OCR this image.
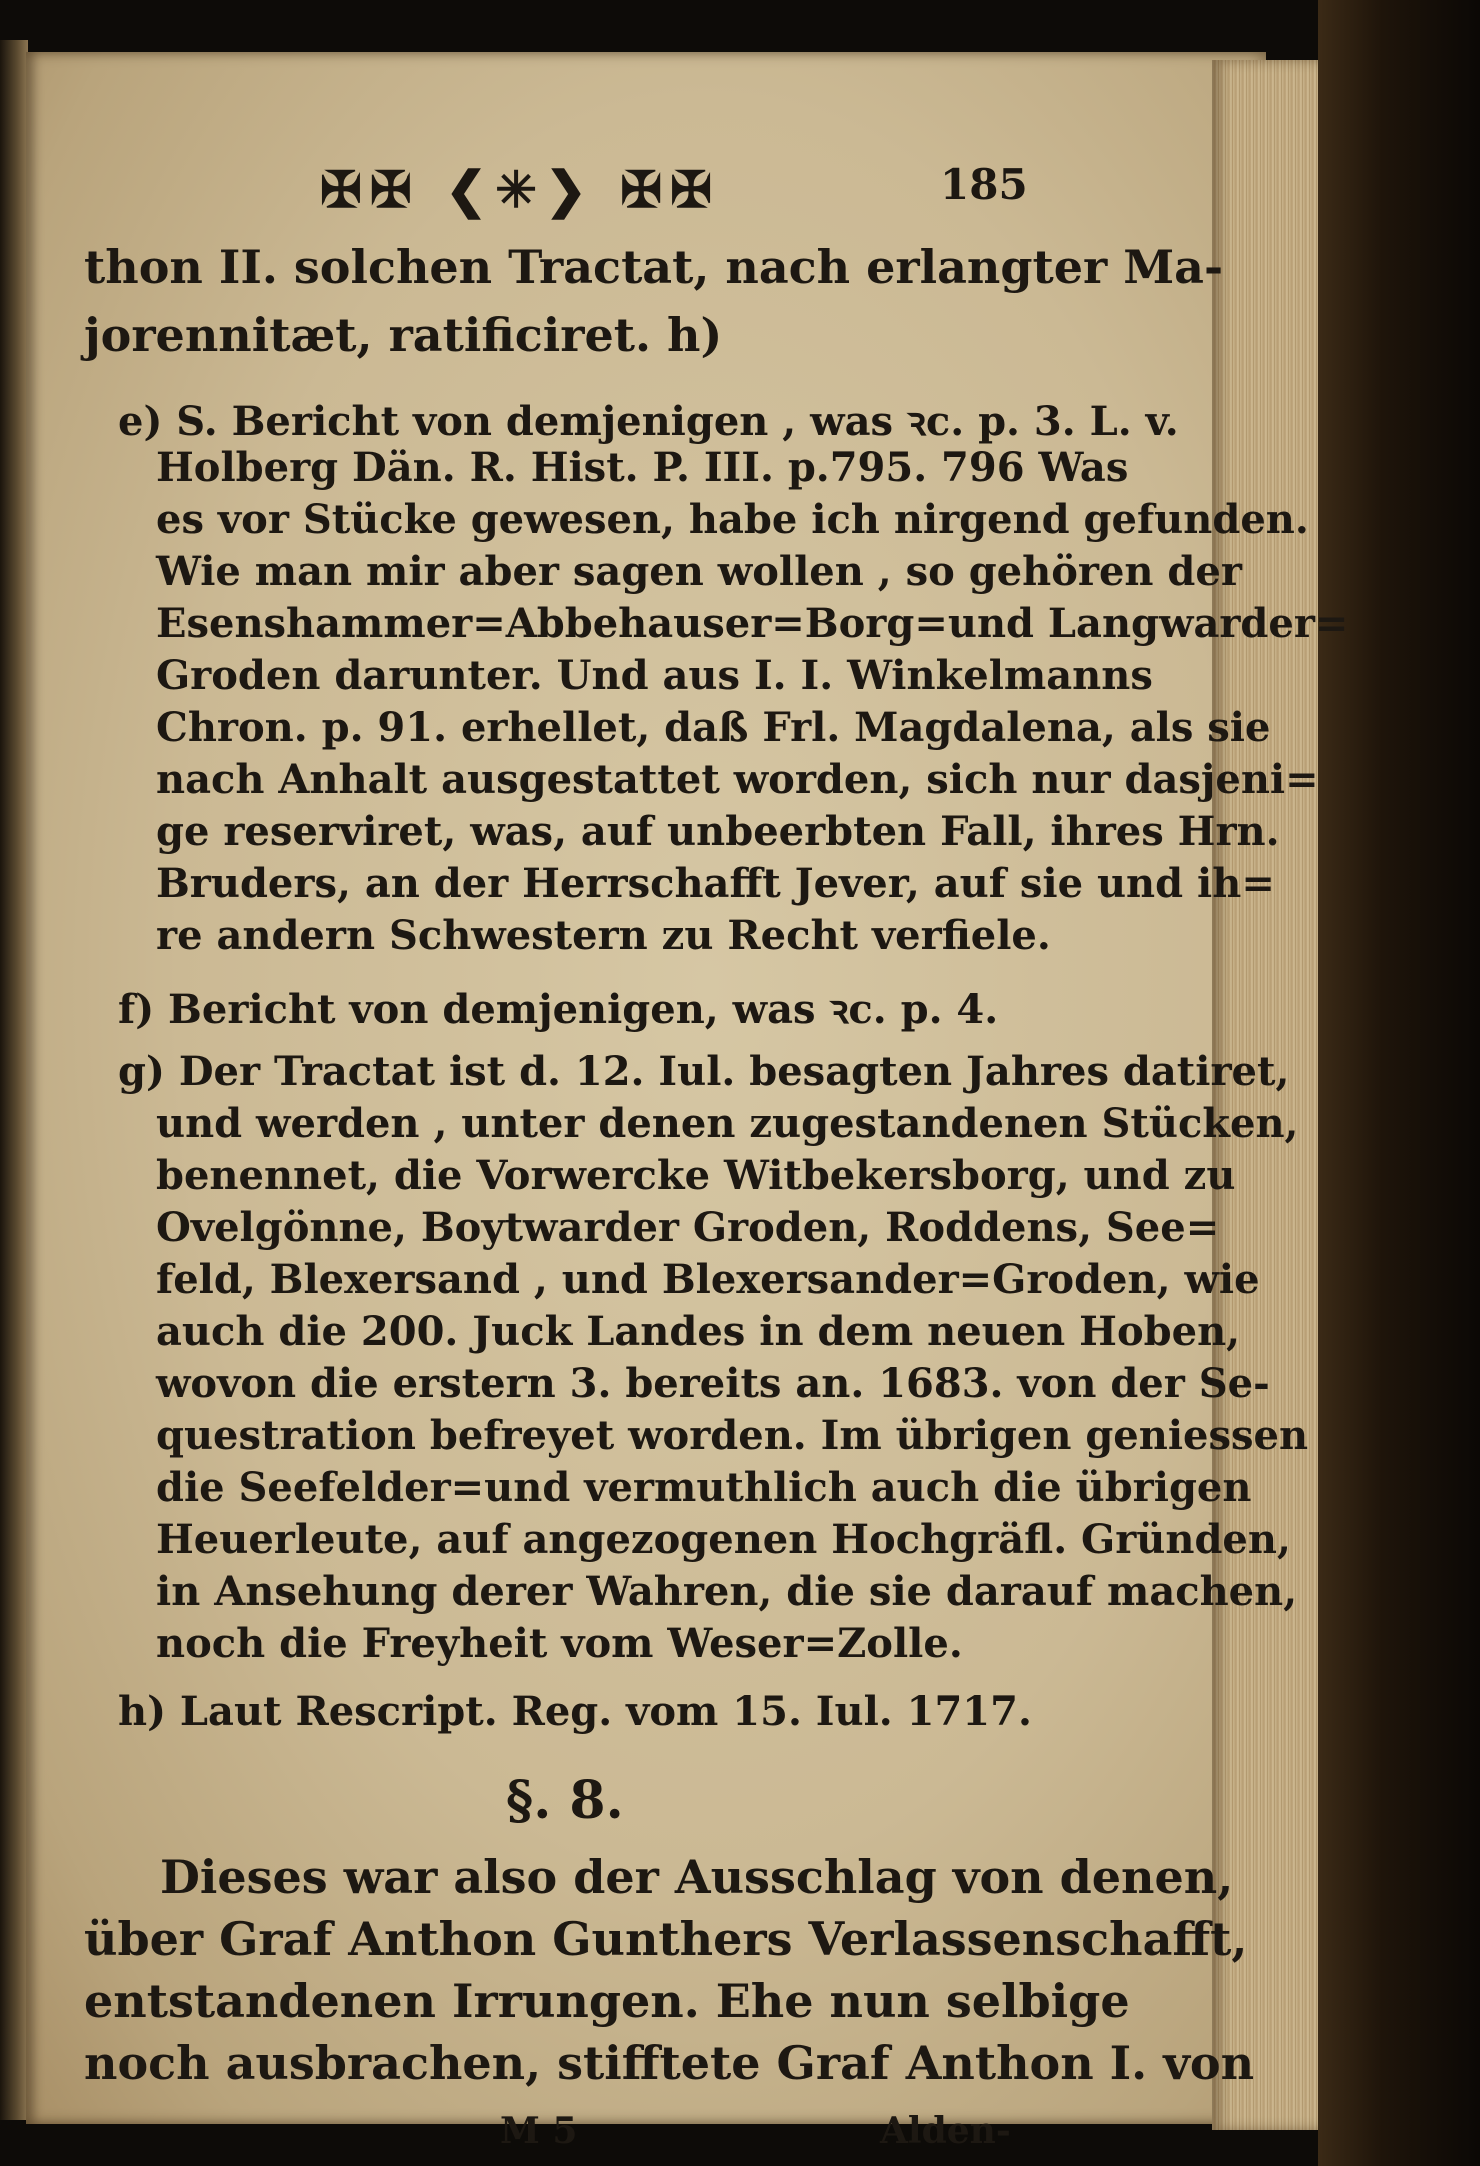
✠✠ ❮✳❯ ✠✠	185
thon II. solchen Tractat, nach erlangter Ma-
jorennitæt, ratificiret. h)
e) S. Bericht von demjenigen , was ꝛc. p. 3. L. v.
Holberg Dän. R. Hist. P. III. p.795. 796 Was
es vor Stücke gewesen, habe ich nirgend gefunden.
Wie man mir aber sagen wollen , so gehören der
Esenshammer=Abbehauser=Borg=und Langwarder=
Groden darunter. Und aus I. I. Winkelmanns
Chron. p. 91. erhellet, daß Frl. Magdalena, als sie
nach Anhalt ausgestattet worden, sich nur dasjeni=
ge reserviret, was, auf unbeerbten Fall, ihres Hrn.
Bruders, an der Herrschafft Jever, auf sie und ih=
re andern Schwestern zu Recht verfiele.
f) Bericht von demjenigen, was ꝛc. p. 4.
g) Der Tractat ist d. 12. Iul. besagten Jahres datiret,
und werden , unter denen zugestandenen Stücken,
benennet, die Vorwercke Witbekersborg, und zu
Ovelgönne, Boytwarder Groden, Roddens, See=
feld, Blexersand , und Blexersander=Groden, wie
auch die 200. Juck Landes in dem neuen Hoben,
wovon die erstern 3. bereits an. 1683. von der Se-
questration befreyet worden. Im übrigen geniessen
die Seefelder=und vermuthlich auch die übrigen
Heuerleute, auf angezogenen Hochgräfl. Gründen,
in Ansehung derer Wahren, die sie darauf machen,
noch die Freyheit vom Weser=Zolle.
h) Laut Rescript. Reg. vom 15. Iul. 1717.
§. 8.
Dieses war also der Ausschlag von denen,
über Graf Anthon Gunthers Verlassenschafft,
entstandenen Irrungen. Ehe nun selbige
noch ausbrachen, stifftete Graf Anthon I. von
M 5	Alden-
